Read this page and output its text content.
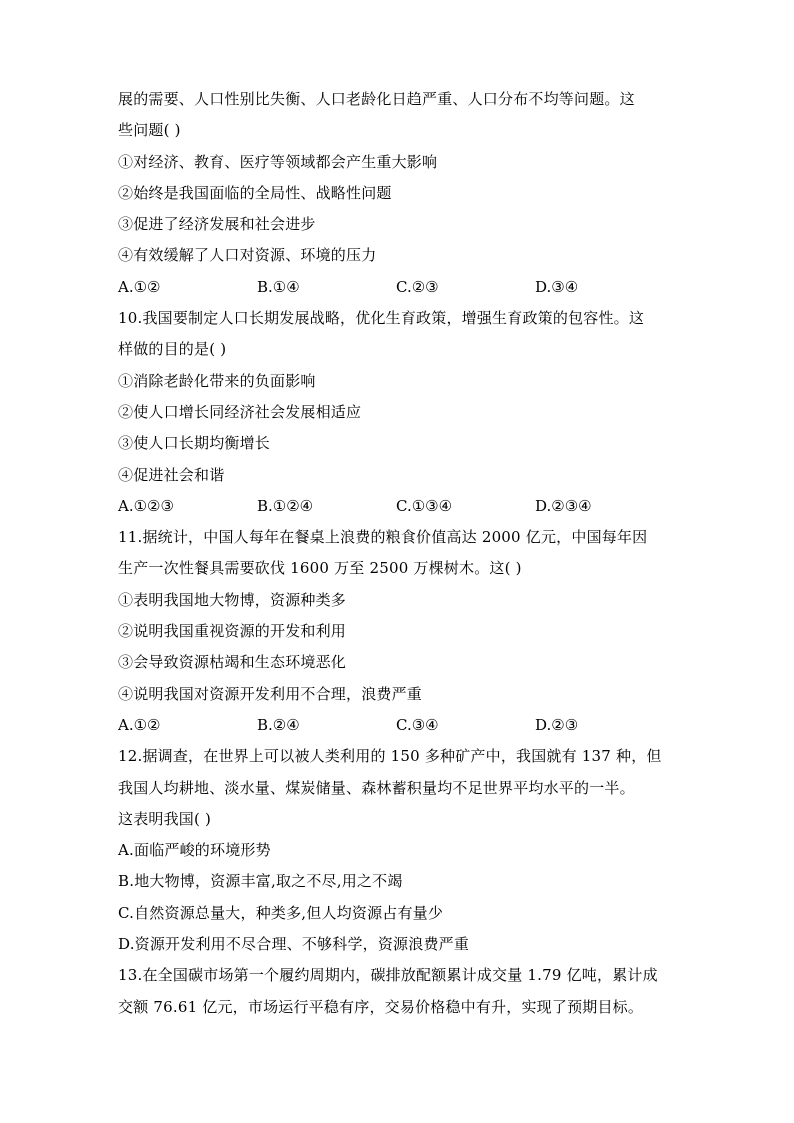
展的需要、人口性别比失衡、人口老龄化日趋严重、人口分布不均等问题。这
些问题( )
①对经济、教育、医疗等领域都会产生重大影响
②始终是我国面临的全局性、战略性问题
③促进了经济发展和社会进步
④有效缓解了人口对资源、环境的压力
A.①②	B.①④	C.②③	D.③④
10.我国要制定人口长期发展战略，优化生育政策，增强生育政策的包容性。这
样做的目的是( )
①消除老龄化带来的负面影响
②使人口增长同经济社会发展相适应
③使人口长期均衡增长
④促进社会和谐
A.①②③	B.①②④	C.①③④	D.②③④
11.据统计，中国人每年在餐桌上浪费的粮食价值高达 2000 亿元，中国每年因
生产一次性餐具需要砍伐 1600 万至 2500 万棵树木。这( )
①表明我国地大物博，资源种类多
②说明我国重视资源的开发和利用
③会导致资源枯竭和生态环境恶化
④说明我国对资源开发利用不合理，浪费严重
A.①②	B.②④	C.③④	D.②③
12.据调查，在世界上可以被人类利用的 150 多种矿产中，我国就有 137 种，但
我国人均耕地、淡水量、煤炭储量、森林蓄积量均不足世界平均水平的一半。
这表明我国( )
A.面临严峻的环境形势
B.地大物博，资源丰富,取之不尽,用之不竭
C.自然资源总量大，种类多,但人均资源占有量少
D.资源开发利用不尽合理、不够科学，资源浪费严重
13.在全国碳市场第一个履约周期内，碳排放配额累计成交量 1.79 亿吨，累计成
交额 76.61 亿元，市场运行平稳有序，交易价格稳中有升，实现了预期目标。
